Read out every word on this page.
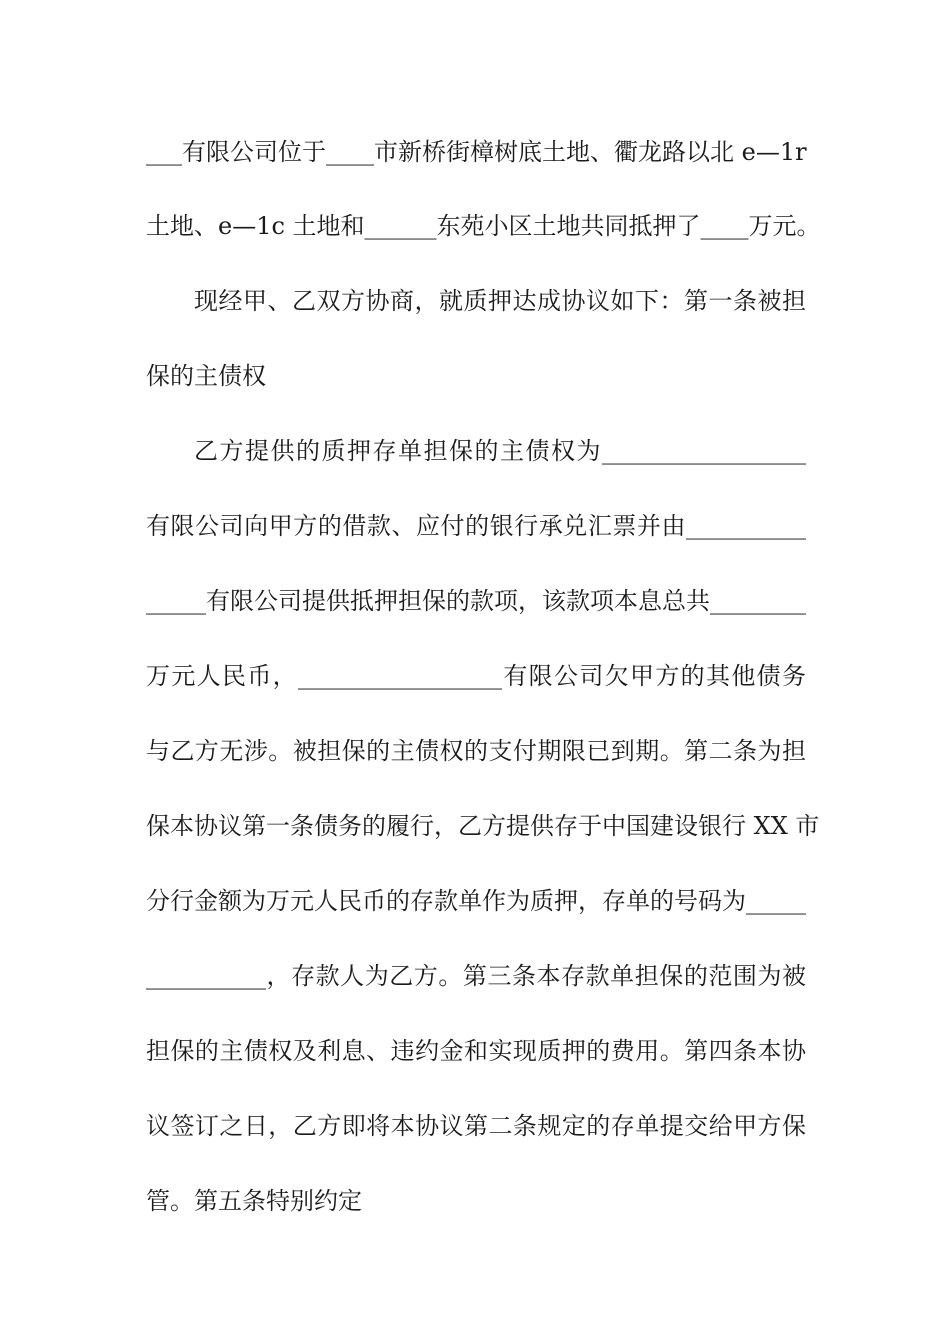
___有限公司位于____市新桥街樟树底土地、衢龙路以北 e—1r
土地、e—1c 土地和______东苑小区土地共同抵押了____万元。
现经甲、乙双方协商，就质押达成协议如下：第一条被担
保的主债权
乙方提供的质押存单担保的主债权为_________________
有限公司向甲方的借款、应付的银行承兑汇票并由__________
_____有限公司提供抵押担保的款项，该款项本息总共________
万元人民币，_________________有限公司欠甲方的其他债务
与乙方无涉。被担保的主债权的支付期限已到期。第二条为担
保本协议第一条债务的履行，乙方提供存于中国建设银行 XX 市
分行金额为万元人民币的存款单作为质押，存单的号码为_____
__________，存款人为乙方。第三条本存款单担保的范围为被
担保的主债权及利息、违约金和实现质押的费用。第四条本协
议签订之日，乙方即将本协议第二条规定的存单提交给甲方保
管。第五条特别约定
